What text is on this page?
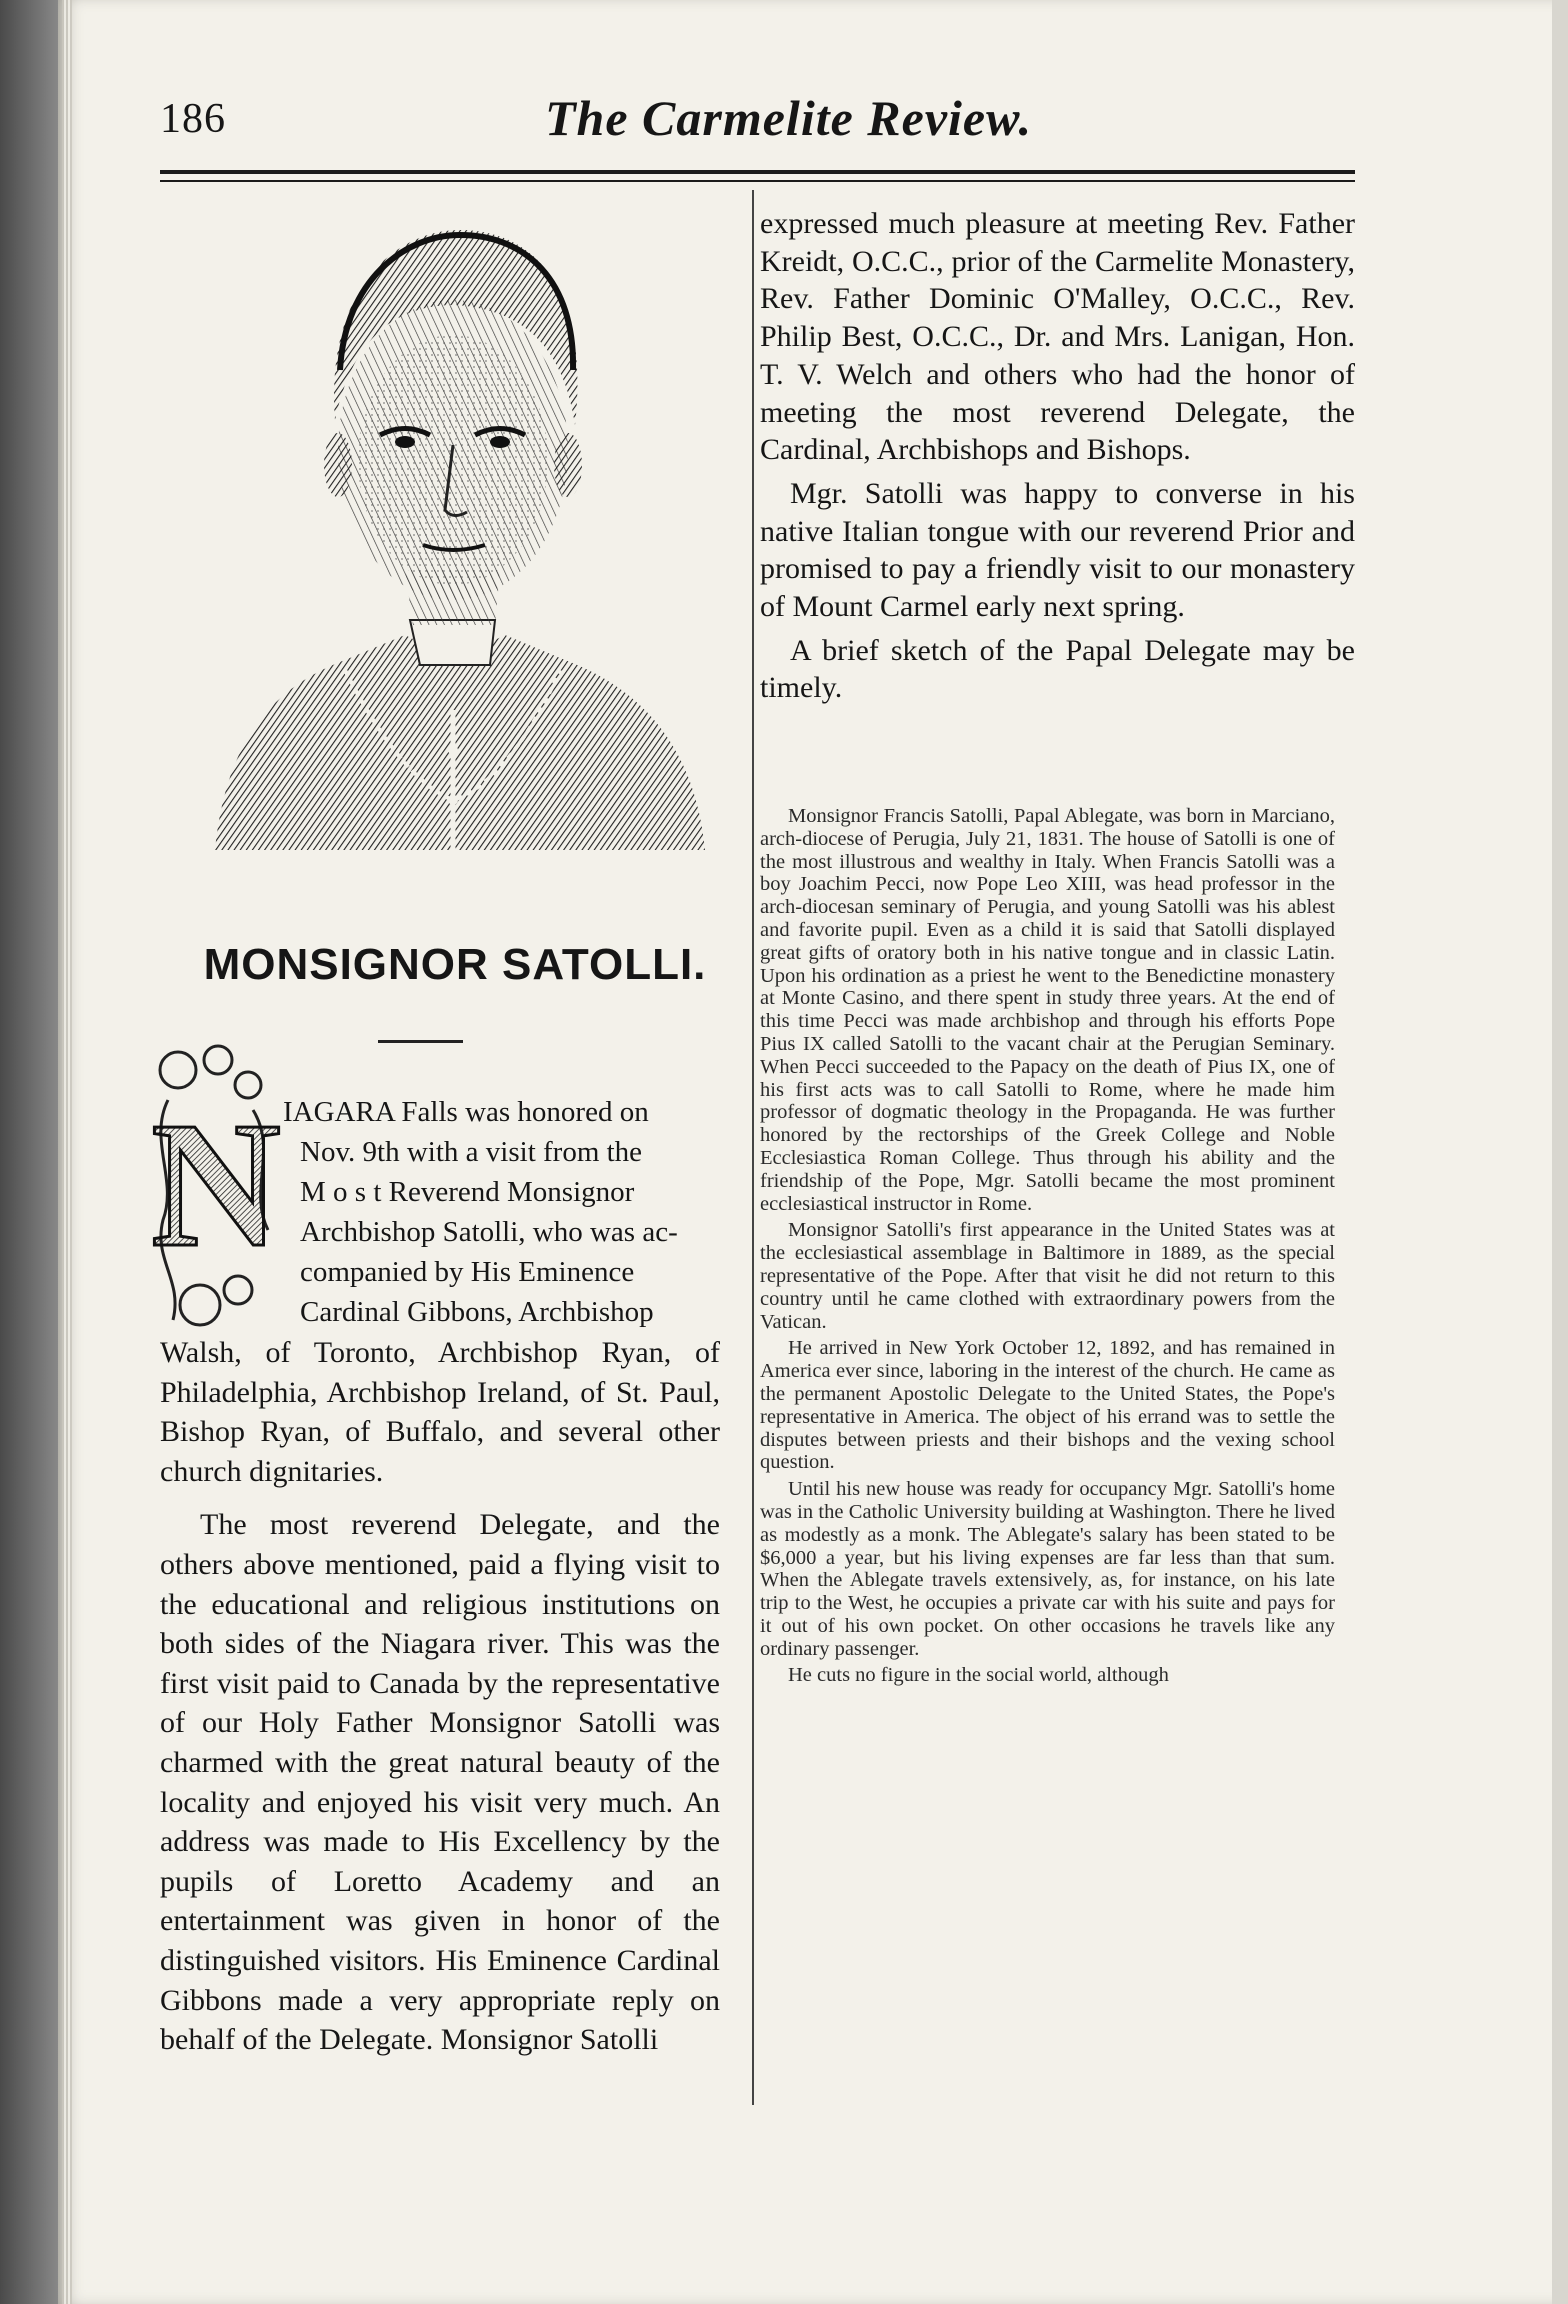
186	The Carmelite Review.
MONSIGNOR SATOLLI.
N IAGARA Falls was honored on
Nov. 9th with a visit from the
M o s t Reverend Monsignor
Archbishop Satolli, who was ac-
companied by His Eminence
Cardinal Gibbons, Archbishop

Walsh, of Toronto, Archbishop Ryan, of Philadelphia, Archbishop Ireland, of St. Paul, Bishop Ryan, of Buffalo, and several other church dignitaries.

The most reverend Delegate, and the others above mentioned, paid a flying visit to the educational and religious institutions on both sides of the Niagara river. This was the first visit paid to Canada by the representative of our Holy Father Monsignor Satolli was charmed with the great natural beauty of the locality and enjoyed his visit very much. An address was made to His Excellency by the pupils of Loretto Academy and an entertainment was given in honor of the distinguished visitors. His Eminence Cardinal Gibbons made a very appropriate reply on behalf of the Delegate. Monsignor Satolli

expressed much pleasure at meeting Rev. Father Kreidt, O.C.C., prior of the Carmelite Monastery, Rev. Father Dominic O'Malley, O.C.C., Rev. Philip Best, O.C.C., Dr. and Mrs. Lanigan, Hon. T. V. Welch and others who had the honor of meeting the most reverend Delegate, the Cardinal, Archbishops and Bishops.

Mgr. Satolli was happy to converse in his native Italian tongue with our reverend Prior and promised to pay a friendly visit to our monastery of Mount Carmel early next spring.

A brief sketch of the Papal Delegate may be timely.

Monsignor Francis Satolli, Papal Ablegate, was born in Marciano, arch-diocese of Perugia, July 21, 1831. The house of Satolli is one of the most illustrous and wealthy in Italy. When Francis Satolli was a boy Joachim Pecci, now Pope Leo XIII, was head professor in the arch-diocesan seminary of Perugia, and young Satolli was his ablest and favorite pupil. Even as a child it is said that Satolli displayed great gifts of oratory both in his native tongue and in classic Latin. Upon his ordination as a priest he went to the Benedictine monastery at Monte Casino, and there spent in study three years. At the end of this time Pecci was made archbishop and through his efforts Pope Pius IX called Satolli to the vacant chair at the Perugian Seminary. When Pecci succeeded to the Papacy on the death of Pius IX, one of his first acts was to call Satolli to Rome, where he made him professor of dogmatic theology in the Propaganda. He was further honored by the rectorships of the Greek College and Noble Ecclesiastica Roman College. Thus through his ability and the friendship of the Pope, Mgr. Satolli became the most prominent ecclesiastical instructor in Rome.

Monsignor Satolli's first appearance in the United States was at the ecclesiastical assemblage in Baltimore in 1889, as the special representative of the Pope. After that visit he did not return to this country until he came clothed with extraordinary powers from the Vatican.

He arrived in New York October 12, 1892, and has remained in America ever since, laboring in the interest of the church. He came as the permanent Apostolic Delegate to the United States, the Pope's representative in America. The object of his errand was to settle the disputes between priests and their bishops and the vexing school question.

Until his new house was ready for occupancy Mgr. Satolli's home was in the Catholic University building at Washington. There he lived as modestly as a monk. The Ablegate's salary has been stated to be $6,000 a year, but his living expenses are far less than that sum. When the Ablegate travels extensively, as, for instance, on his late trip to the West, he occupies a private car with his suite and pays for it out of his own pocket. On other occasions he travels like any ordinary passenger.

He cuts no figure in the social world, although
